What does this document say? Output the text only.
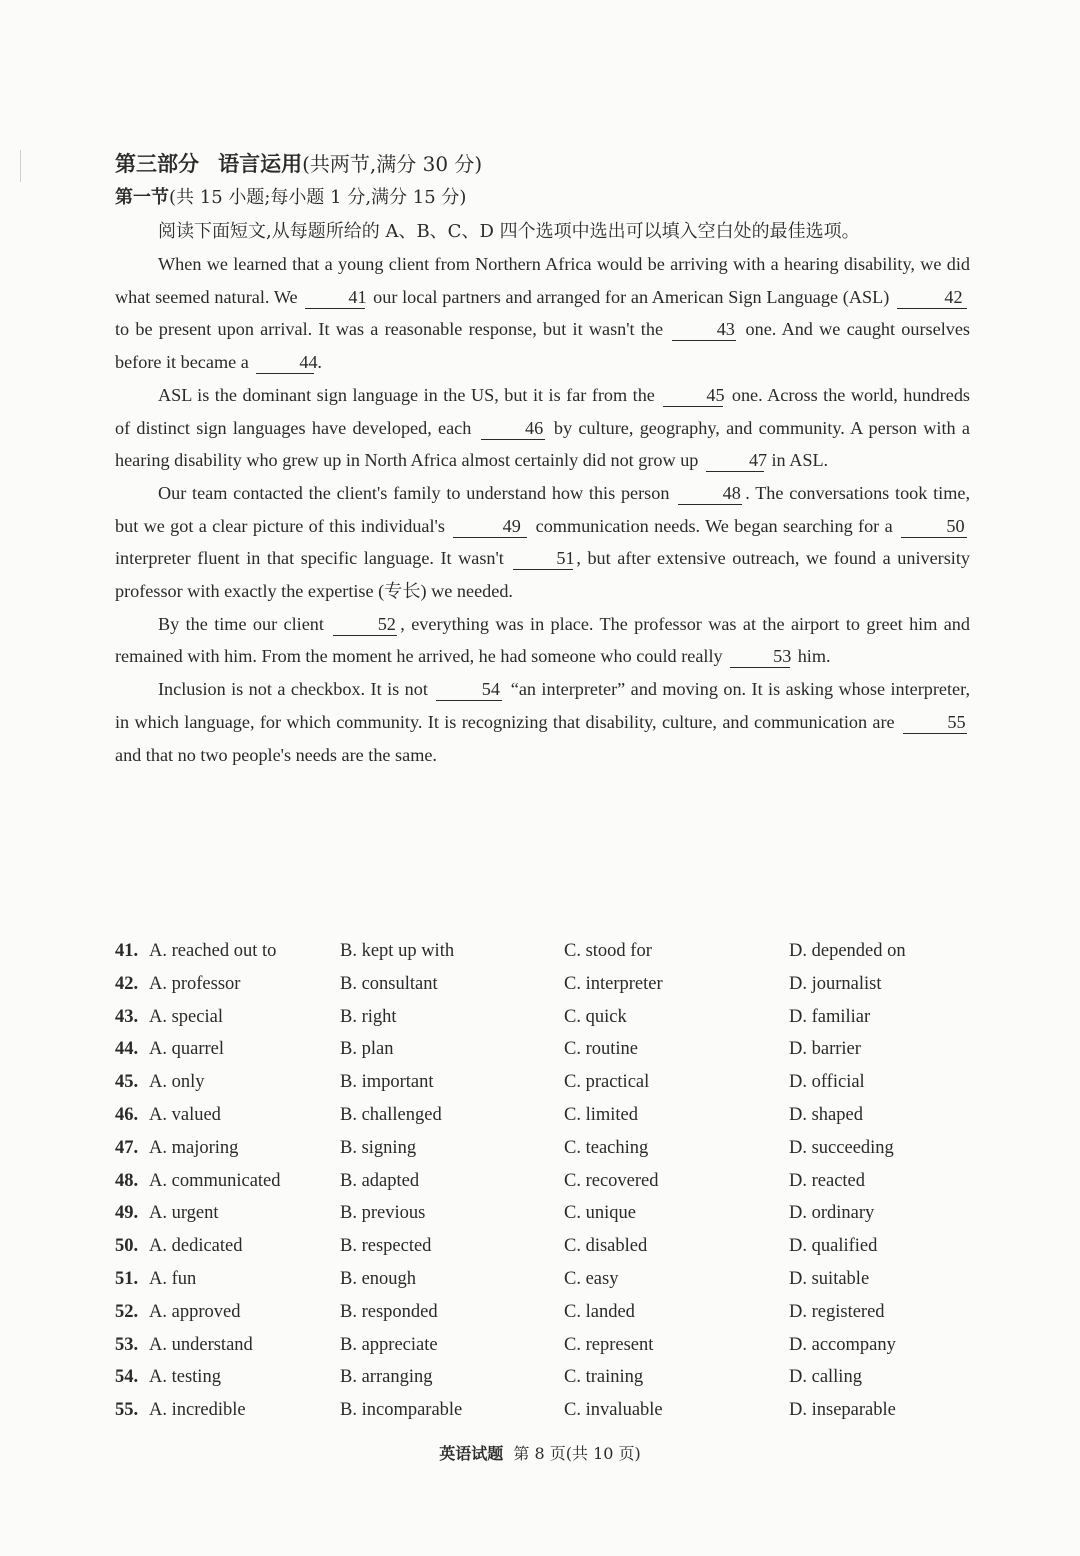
第三部分 语言运用(共两节,满分 30 分)
第一节(共 15 小题;每小题 1 分,满分 15 分)
阅读下面短文,从每题所给的 A、B、C、D 四个选项中选出可以填入空白处的最佳选项。

When we learned that a young client from Northern Africa would be arriving with a hearing disability, we did what seemed natural. We	41 our local partners and arranged for an American Sign Language (ASL)	42 to be present upon arrival. It was a reasonable response, but it wasn't the	43 one. And we caught ourselves before it became a	44.

ASL is the dominant sign language in the US, but it is far from the	45 one. Across the world, hundreds of distinct sign languages have developed, each	46 by culture, geography, and community. A person with a hearing disability who grew up in North Africa almost certainly did not grow up	47 in ASL.

Our team contacted the client's family to understand how this person	48 . The conversations took time, but we got a clear picture of this individual's	49 communication needs. We began searching for a	50 interpreter fluent in that specific language. It wasn't	51, but after extensive outreach, we found a university professor with exactly the expertise (专长) we needed.

By the time our client	52 , everything was in place. The professor was at the airport to greet him and remained with him. From the moment he arrived, he had someone who could really	53 him.

Inclusion is not a checkbox. It is not	54 “an interpreter” and moving on. It is asking whose interpreter, in which language, for which community. It is recognizing that disability, culture, and communication are	55 and that no two people's needs are the same.

41. A. reached out to	B. kept up with	C. stood for	D. depended on
42. A. professor	B. consultant	C. interpreter	D. journalist
43. A. special	B. right	C. quick	D. familiar
44. A. quarrel	B. plan	C. routine	D. barrier
45. A. only	B. important	C. practical	D. official
46. A. valued	B. challenged	C. limited	D. shaped
47. A. majoring	B. signing	C. teaching	D. succeeding
48. A. communicated	B. adapted	C. recovered	D. reacted
49. A. urgent	B. previous	C. unique	D. ordinary
50. A. dedicated	B. respected	C. disabled	D. qualified
51. A. fun	B. enough	C. easy	D. suitable
52. A. approved	B. responded	C. landed	D. registered
53. A. understand	B. appreciate	C. represent	D. accompany
54. A. testing	B. arranging	C. training	D. calling
55. A. incredible	B. incomparable	C. invaluable	D. inseparable
英语试题 第 8 页(共 10 页)
